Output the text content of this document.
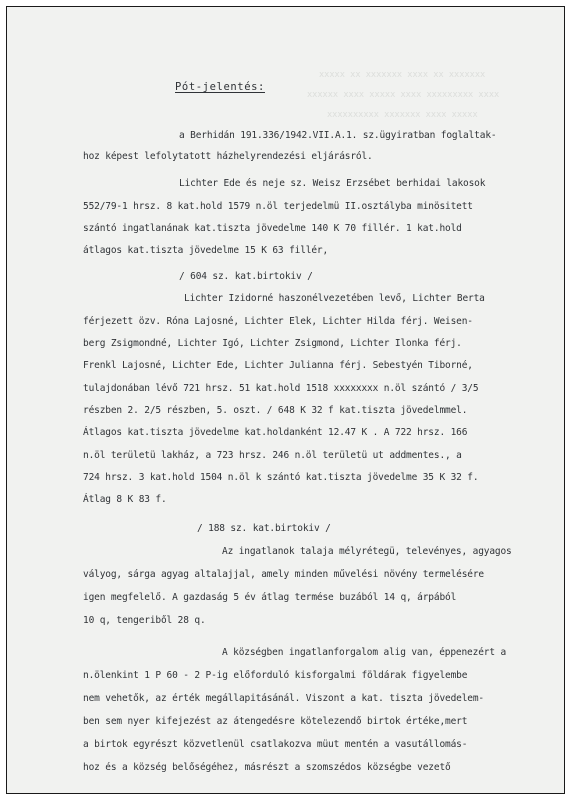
xxxxxxx xx xxxx xxxxxxx xx xxxxx
xxxx xxxxxxxxx xxxx xxxxx xxxx xxxxxx
xxxxx xxxx xxxxxxx xxxxxxxxxx
Pót-jelentés:
a Berhidán 191.336/1942.VII.A.1. sz.ügyiratban foglaltak-
hoz képest lefolytatott házhelyrendezési eljárásról.
Lichter Ede és neje sz. Weisz Erzsébet berhidai lakosok
552/79-1 hrsz. 8 kat.hold 1579 n.öl terjedelmü II.osztályba minösitett
szántó ingatlanának kat.tiszta jövedelme 140 K 70 fillér. 1 kat.hold
átlagos kat.tiszta jövedelme 15 K 63 fillér,
/ 604 sz. kat.birtokiv /
Lichter Izidorné haszonélvezetében levő, Lichter Berta
férjezett özv. Róna Lajosné, Lichter Elek, Lichter Hilda férj. Weisen-
berg Zsigmondné, Lichter Igó, Lichter Zsigmond, Lichter Ilonka férj.
Frenkl Lajosné, Lichter Ede, Lichter Julianna férj. Sebestyén Tiborné,
tulajdonában lévő 721 hrsz. 51 kat.hold 1518 xxxxxxxx n.öl szántó / 3/5
részben 2. 2/5 részben, 5. oszt. / 648 K 32 f kat.tiszta jövedelmmel.
Átlagos kat.tiszta jövedelme kat.holdanként 12.47 K . A 722 hrsz. 166
n.öl területü lakház, a 723 hrsz. 246 n.öl területü ut addmentes., a
724 hrsz. 3 kat.hold 1504 n.öl k szántó kat.tiszta jövedelme 35 K 32 f.
Átlag 8 K 83 f.
/ 188 sz. kat.birtokiv /
Az ingatlanok talaja mélyrétegü, televényes, agyagos
vályog, sárga agyag altalajjal, amely minden művelési növény termelésére
igen megfelelő. A gazdaság 5 év átlag termése buzából 14 q, árpából
10 q, tengeriből 28 q.
A községben ingatlanforgalom alig van, éppenezért a
n.ölenkint 1 P 60 - 2 P-ig előforduló kisforgalmi földárak figyelembe
nem vehetők, az érték megállapitásánál. Viszont a kat. tiszta jövedelem-
ben sem nyer kifejezést az átengedésre kötelezendő birtok értéke,mert
a birtok egyrészt közvetlenül csatlakozva müut mentén a vasutállomás-
hoz és a község belőségéhez, másrészt a szomszédos községbe vezető
